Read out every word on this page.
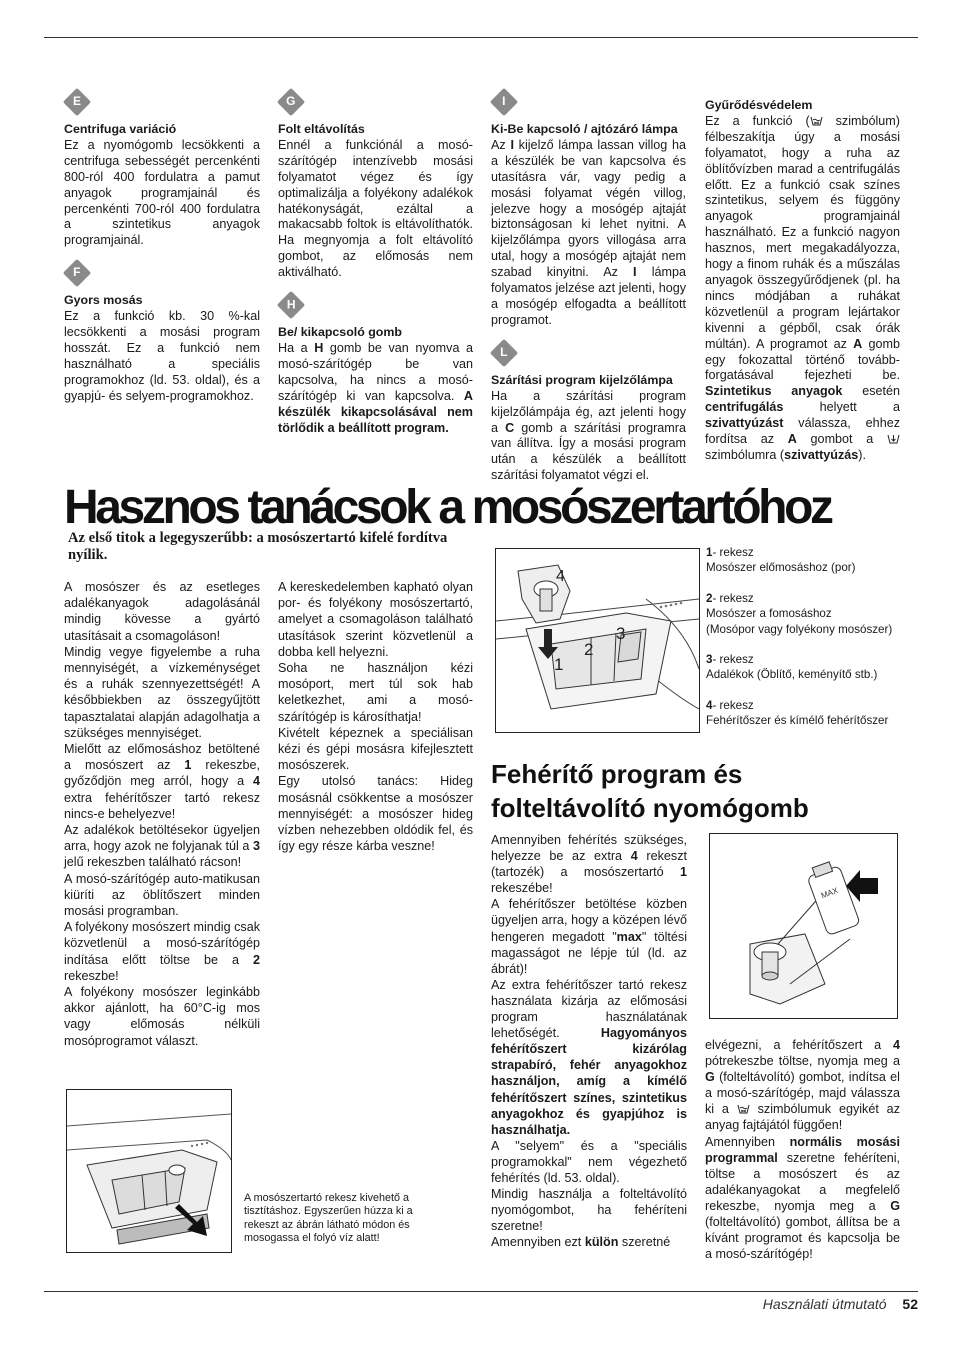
E

Centrifuga variáció

Ez a nyomógomb lecsökkenti a centrifuga sebességét percenkénti 800-ról 400 fordulatra a pamut anyagok programjainál és percenkénti 700-ról 400 fordulatra a szintetikus anyagok programjainál.

F

Gyors mosás

Ez a funkció kb. 30 %-kal lecsökkenti a mosási program hosszát. Ez a funkció nem használható a speciális programokhoz (ld. 53. oldal), és a gyapjú- és selyem-programokhoz.

G

Folt eltávolítás

Ennél a funkciónál a mosó-szárítógép intenzívebb mosási folyamatot végez és így optimalizálja a folyékony adalékok hatékonyságát, ezáltal a makacsabb foltok is eltávolíthatók. Ha megnyomja a folt eltávolító gombot, az előmosás nem aktiválható.

H

Be/ kikapcsoló gomb

Ha a H gomb be van nyomva a mosó-szárítógép be van kapcsolva, ha nincs a mosó-szárítógép ki van kapcsolva. A készülék kikapcsolásával nem törlődik a beállított program.

I

Ki-Be kapcsoló / ajtózáró lámpa

Az I kijelző lámpa lassan villog ha a készülék be van kapcsolva és utasításra vár, vagy pedig a mosási folyamat végén villog, jelezve hogy a mosógép ajtaját biztonságosan ki lehet nyitni. A kijelzőlámpa gyors villogása arra utal, hogy a mosógép ajtaját nem szabad kinyitni. Az I lámpa folyamatos jelzése azt jelenti, hogy a mosógép elfogadta a beállított programot.

L

Szárítási program kijelzőlámpa

Ha a szárítási program kijelzőlámpája ég, azt jelenti hogy a C gomb a szárítási programra van állítva. Így a mosási program után a készülék a beállított szárítási folyamatot végzi el.

Gyűrődésvédelem

Ez a funkció ( szimbólum) félbeszakítja úgy a mosási folyamatot, hogy a ruha az öblítővízben marad a centrifugálás előtt. Ez a funkció csak színes szintetikus, selyem és függöny anyagok programjainál használható. Ez a funkció nagyon hasznos, mert megakadályozza, hogy a finom ruhák és a műszálas anyagok összegyűrődjenek (pl. ha nincs módjában a ruhákat közvetlenül a program lejártakor kivenni a gépből, csak órák múltán). A programot az A gomb egy fokozattal történő tovább-forgatásával fejezheti be. Szintetikus anyagok esetén centrifugálás helyett a szivattyúzást válassza, ehhez fordítsa az A gombot a  szimbólumra (szivattyúzás).

Hasznos tanácsok a mosószertartóhoz

Az első titok a legegyszerűbb: a mosószertartó kifelé fordítva nyílik.

A mosószer és az esetleges adalékanyagok adagolásánál mindig kövesse a gyártó utasításait a csomagoláson!

Mindig vegye figyelembe a ruha mennyiségét, a vízkeménységet és a ruhák szennyezettségét! A későbbiekben az összegyűjtött tapasztalatai alapján adagolhatja a szükséges mennyiséget.

Mielőtt az előmosáshoz betöltené a mosószert az 1 rekeszbe, győződjön meg arról, hogy a 4 extra fehérítőszer tartó rekesz nincs-e behelyezve!

Az adalékok betöltésekor ügyeljen arra, hogy azok ne folyjanak túl a 3 jelű rekeszben található rácson!

A mosó-szárítógép auto-matikusan kiüríti az öblítőszert minden mosási programban.

A folyékony mosószert mindig csak közvetlenül a mosó-szárítógép indítása előtt töltse be a 2 rekeszbe!

A folyékony mosószer leginkább akkor ajánlott, ha 60°C-ig mos vagy előmosás nélküli mosóprogramot választ.

A kereskedelemben kapható olyan por- és folyékony mosószertartó, amelyet a csomagoláson található utasítások szerint közvetlenül a dobba kell helyezni.

Soha ne használjon kézi mosóport, mert túl sok hab keletkezhet, ami a mosó-szárítógép is károsíthatja!

Kivételt képeznek a speciálisan kézi és gépi mosásra kifejlesztett mosószerek.

Egy utolsó tanács: Hideg mosásnál csökkentse a mosószer mennyiségét: a mosószer hideg vízben nehezebben oldódik fel, és így egy része kárba veszne!

4
1
2
3

1- rekesz

Mosószer előmosáshoz (por)

2- rekesz

Mosószer a fomosáshoz

(Mosópor vagy folyékony mosószer)

3- rekesz

Adalékok (Öblítő, keményítő stb.)

4- rekesz

Fehérítőszer és kímélő fehérítőszer

Fehérítő program és folteltávolító nyomógomb

Amennyiben fehérítés szükséges, helyezze be az extra 4 rekeszt (tartozék) a mosószertartó 1 rekeszébe!

A fehérítőszer betöltése közben ügyeljen arra, hogy a középen lévő hengeren megadott "max" töltési magasságot ne lépje túl (ld. az ábrát)!

Az extra fehérítőszer tartó rekesz használata kizárja az előmosási program használatának lehetőségét. Hagyományos fehérítőszert kizárólag strapabíró, fehér anyagokhoz használjon, amíg a kímélő fehérítőszert színes, szintetikus anyagokhoz és gyapjúhoz is használhatja.

A "selyem" és a "speciális programokkal" nem végezhető fehérítés (ld. 53. oldal).

Mindig használja a folteltávolító nyomógombot, ha fehéríteni szeretne!

Amennyiben ezt külön szeretné

MAX

elvégezni, a fehérítőszert a 4 pótrekeszbe töltse, nyomja meg a G (folteltávolító) gombot, indítsa el a mosó-szárítógép, majd válassza ki a  szimbólumuk egyikét az anyag fajtájától függően!

Amennyiben normális mosási programmal szeretne fehéríteni, töltse a mosószert és az adalékanyagokat a megfelelő rekeszbe, nyomja meg a G (folteltávolító) gombot, állítsa be a kívánt programot és kapcsolja be a mosó-szárítógép!

A mosószertartó rekesz kivehető a tisztításhoz. Egyszerűen húzza ki a rekeszt az ábrán látható módon és mosogassa el folyó víz alatt!

Használati útmutató 52
